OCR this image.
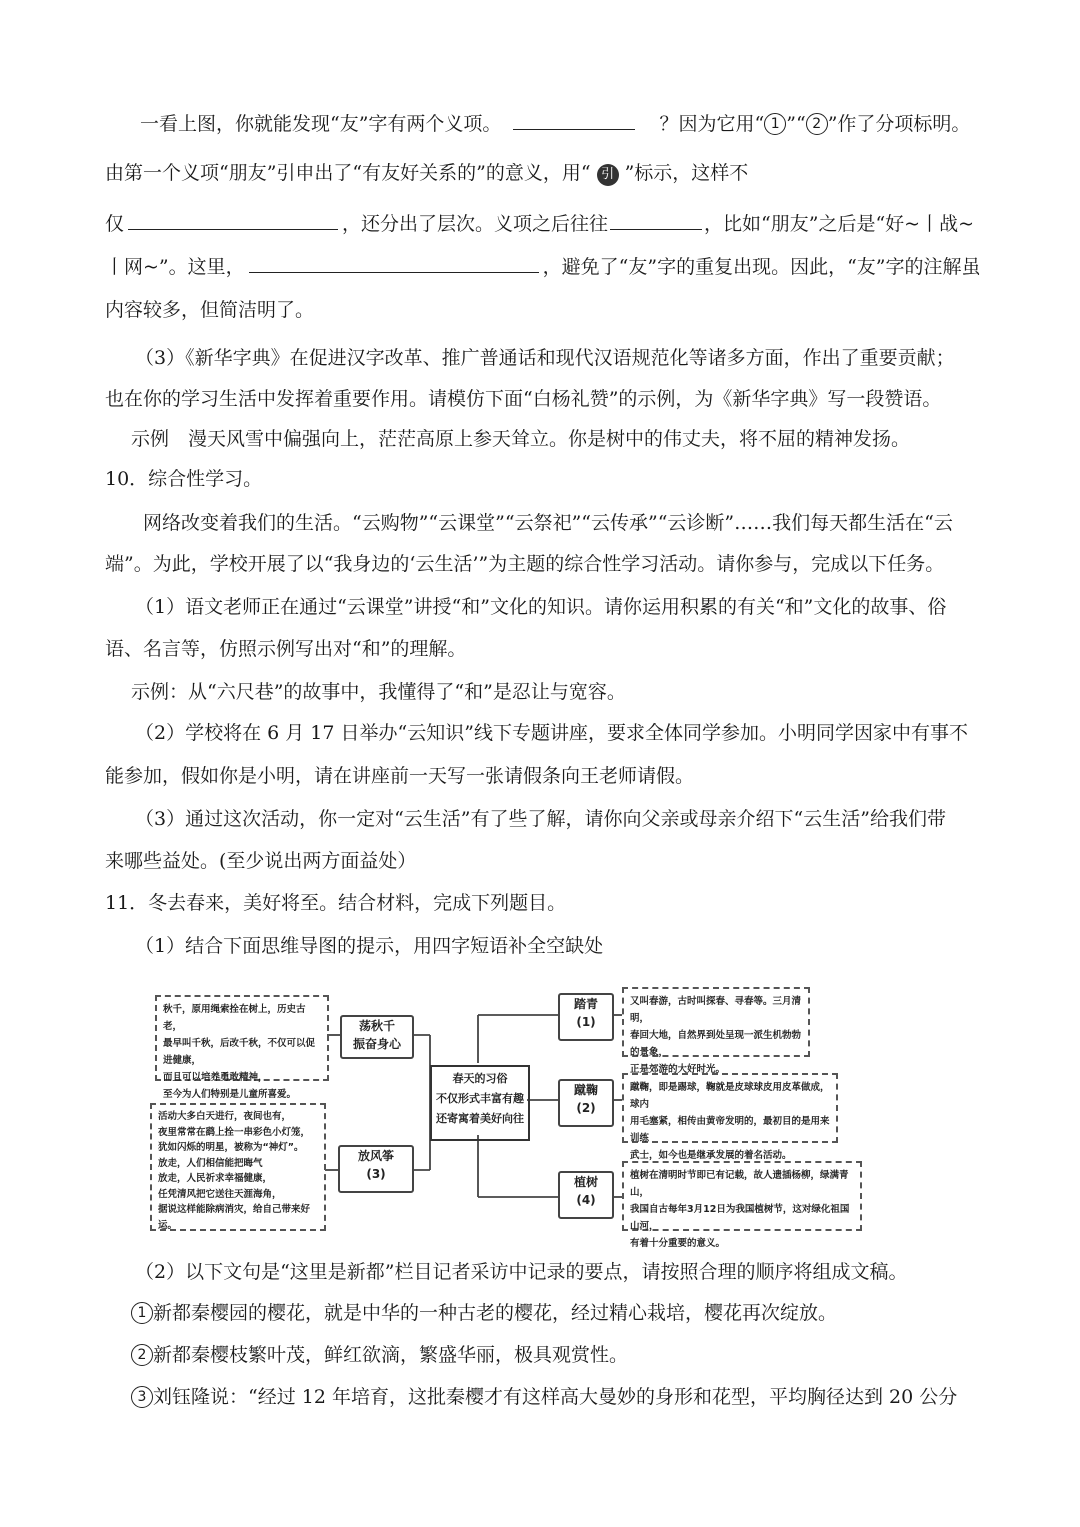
一看上图，你就能发现“友”字有两个义项。	？因为它用“ 1 ”“ 2 ”作了分项标明。
由第一个义项“朋友”引申出了“有友好关系的”的意义，用“ 引 ”标示，这样不
仅	，还分出了层次。义项之后往往	，比如“朋友”之后是“好~丨战~
丨网~”。这里，	，避免了“友”字的重复出现。因此，“友”字的注解虽
内容较多，但简洁明了。
（3）《新华字典》在促进汉字改革、推广普通话和现代汉语规范化等诸多方面，作出了重要贡献；
也在你的学习生活中发挥着重要作用。请模仿下面“白杨礼赞”的示例，为《新华字典》写一段赞语。
示例　漫天风雪中偏强向上，茫茫高原上参天耸立。你是树中的伟丈夫，将不屈的精神发扬。
10．综合性学习。
网络改变着我们的生活。“云购物”“云课堂”“云祭祀”“云传承”“云诊断”……我们每天都生活在“云
端”。为此，学校开展了以“我身边的‘云生活’”为主题的综合性学习活动。请你参与，完成以下任务。
（1）语文老师正在通过“云课堂”讲授“和”文化的知识。请你运用积累的有关“和”文化的故事、俗
语、名言等，仿照示例写出对“和”的理解。
示例：从“六尺巷”的故事中，我懂得了“和”是忍让与宽容。
（2）学校将在 6 月 17 日举办“云知识”线下专题讲座，要求全体同学参加。小明同学因家中有事不
能参加，假如你是小明，请在讲座前一天写一张请假条向王老师请假。
（3）通过这次活动，你一定对“云生活”有了些了解，请你向父亲或母亲介绍下“云生活”给我们带
来哪些益处。(至少说出两方面益处）
11．冬去春来，美好将至。结合材料，完成下列题目。
（1）结合下面思维导图的提示，用四字短语补全空缺处
秋千，原用绳索拴在树上，历史古老，
最早叫千秋，后改千秋，不仅可以促进健康，
而且可以培养勇敢精神，
至今为人们特别是儿童所喜爱。
荡秋千
振奋身心
活动大多白天进行，夜间也有，
夜里常常在鹞上拴一串彩色小灯笼，
犹如闪烁的明星，被称为“神灯”。
放走，人们相信能把晦气
放走，人民祈求幸福健康，
任凭清风把它送往天涯海角，
据说这样能除病消灾，给自己带来好运。
放风筝
(3)
春天的习俗
不仅形式丰富有趣
还寄寓着美好向往
踏青
(1)
又叫春游，古时叫探春、寻春等。三月清明，
春回大地，自然界到处呈现一派生机勃勃的景象，
正是郊游的大好时光。
蹴鞠
(2)
蹴鞠，即是踢球，鞠就是皮球球皮用皮革做成，球内
用毛塞紧，相传由黄帝发明的，最初目的是用来训练
武士，如今也是继承发展的着名活动。
植树
(4)
植树在清明时节即已有记载，故人遗插杨柳，绿满青山，
我国自古每年3月12日为我国植树节，这对绿化祖国山河，
有着十分重要的意义。
（2）以下文句是“这里是新都”栏目记者采访中记录的要点，请按照合理的顺序将组成文稿。
1 新都秦樱园的樱花，就是中华的一种古老的樱花，经过精心栽培，樱花再次绽放。
2 新都秦樱枝繁叶茂，鲜红欲滴，繁盛华丽，极具观赏性。
3 刘钰隆说：“经过 12 年培育，这批秦樱才有这样高大曼妙的身形和花型，平均胸径达到 20 公分
